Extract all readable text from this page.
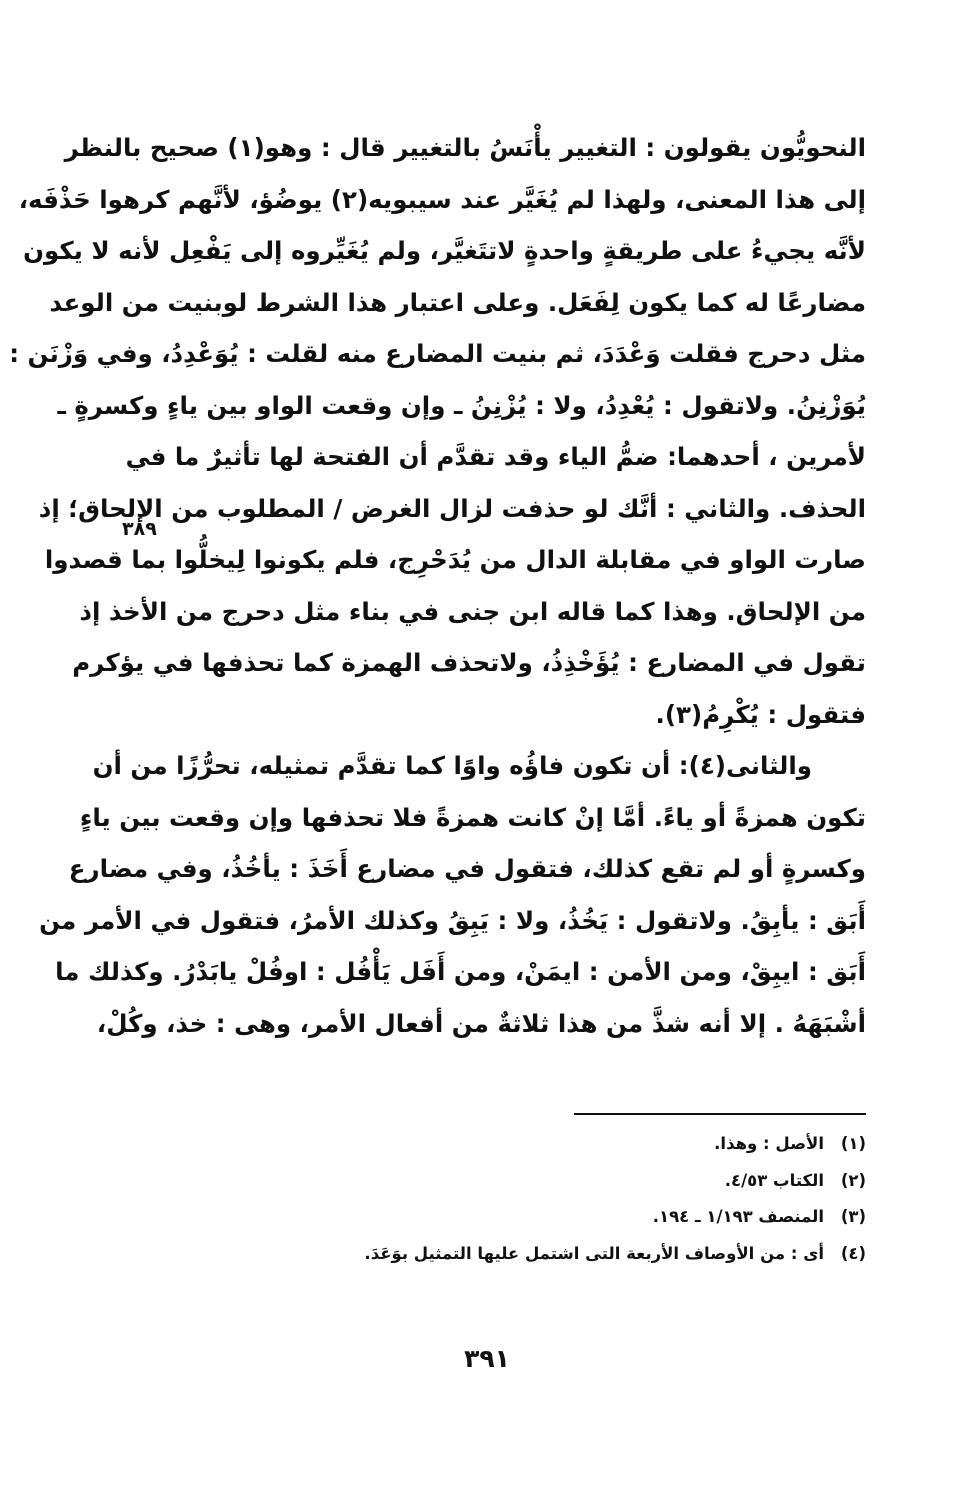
النحويُّون يقولون : التغيير يأْنَسُ بالتغيير قال : وهو(١) صحيح بالنظر
إلى هذا المعنى، ولهذا لم يُغَيَّر عند سيبويه(٢) يوضُؤ، لأنَّهم كرهوا حَذْفَه،
لأنَّه يجيءُ على طريقةٍ واحدةٍ لاتتَغيَّر، ولم يُغَيِّروه إلى يَفْعِل لأنه لا يكون
مضارعًا له كما يكون لِفَعَل. وعلى اعتبار هذا الشرط لوبنيت من الوعد
مثل دحرج فقلت وَعْدَدَ، ثم بنيت المضارع منه لقلت : يُوَعْدِدُ، وفي وَزْنَن :
يُوَزْنِنُ. ولاتقول : يُعْدِدُ، ولا : يُزْنِنُ ـ وإن وقعت الواو بين ياءٍ وكسرةٍ ـ
لأمرين ، أحدهما: ضمُّ الياء وقد تقدَّم أن الفتحة لها تأثيرٌ ما في
الحذف. والثاني : أنَّك لو حذفت لزال الغرض / المطلوب من الإلحاق؛ إذ
صارت الواو في مقابلة الدال من يُدَحْرِج، فلم يكونوا لِيخلُّوا بما قصدوا
من الإلحاق. وهذا كما قاله ابن جنى في بناء مثل دحرج من الأخذ إذ
تقول في المضارع : يُؤَخْذِذُ، ولاتحذف الهمزة كما تحذفها في يؤكرم
فتقول : يُكْرِمُ(٣).
والثانى(٤): أن تكون فاؤُه واوًا كما تقدَّم تمثيله، تحرُّزًا من أن
تكون همزةً أو ياءً. أمَّا إنْ كانت همزةً فلا تحذفها وإن وقعت بين ياءٍ
وكسرةٍ أو لم تقع كذلك، فتقول في مضارع أَخَذَ : يأخُذُ، وفي مضارع
أَبَق : يأبِقُ. ولاتقول : يَخُذُ، ولا : يَبِقُ وكذلك الأمرُ، فتقول في الأمر من
أَبَق : ايبِقْ، ومن الأمن : ايمَنْ، ومن أَفَل يَأْفُل : اوفُلْ يابَدْرُ. وكذلك ما
أشْبَهَهُ . إلا أنه شذَّ من هذا ثلاثةٌ من أفعال الأمر، وهى : خذ، وكُلْ،
٣٨٩
(١)
الأصل : وهذا.
(٢)
الكتاب ٤/٥٣.
(٣)
المنصف ١/١٩٣ ـ ١٩٤.
(٤)
أى : من الأوصاف الأربعة التى اشتمل عليها التمثيل بوَعَدَ.
٣٩١
